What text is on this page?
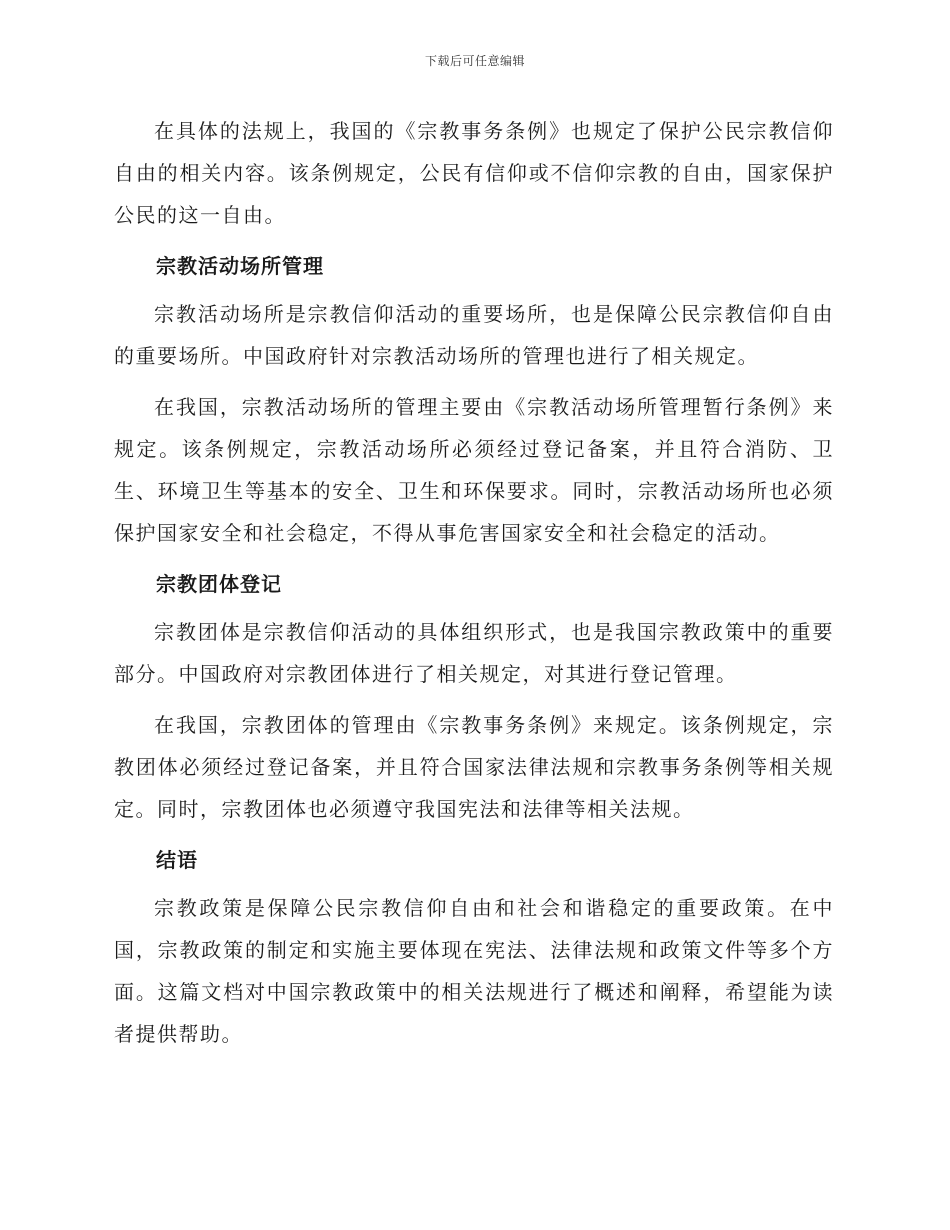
下载后可任意编辑

在具体的法规上，我国的《宗教事务条例》也规定了保护公民宗教信仰自由的相关内容。该条例规定，公民有信仰或不信仰宗教的自由，国家保护公民的这一自由。

宗教活动场所管理

宗教活动场所是宗教信仰活动的重要场所，也是保障公民宗教信仰自由的重要场所。中国政府针对宗教活动场所的管理也进行了相关规定。

在我国，宗教活动场所的管理主要由《宗教活动场所管理暂行条例》来规定。该条例规定，宗教活动场所必须经过登记备案，并且符合消防、卫生、环境卫生等基本的安全、卫生和环保要求。同时，宗教活动场所也必须保护国家安全和社会稳定，不得从事危害国家安全和社会稳定的活动。

宗教团体登记

宗教团体是宗教信仰活动的具体组织形式，也是我国宗教政策中的重要部分。中国政府对宗教团体进行了相关规定，对其进行登记管理。

在我国，宗教团体的管理由《宗教事务条例》来规定。该条例规定，宗教团体必须经过登记备案，并且符合国家法律法规和宗教事务条例等相关规定。同时，宗教团体也必须遵守我国宪法和法律等相关法规。

结语

宗教政策是保障公民宗教信仰自由和社会和谐稳定的重要政策。在中国，宗教政策的制定和实施主要体现在宪法、法律法规和政策文件等多个方面。这篇文档对中国宗教政策中的相关法规进行了概述和阐释，希望能为读者提供帮助。
